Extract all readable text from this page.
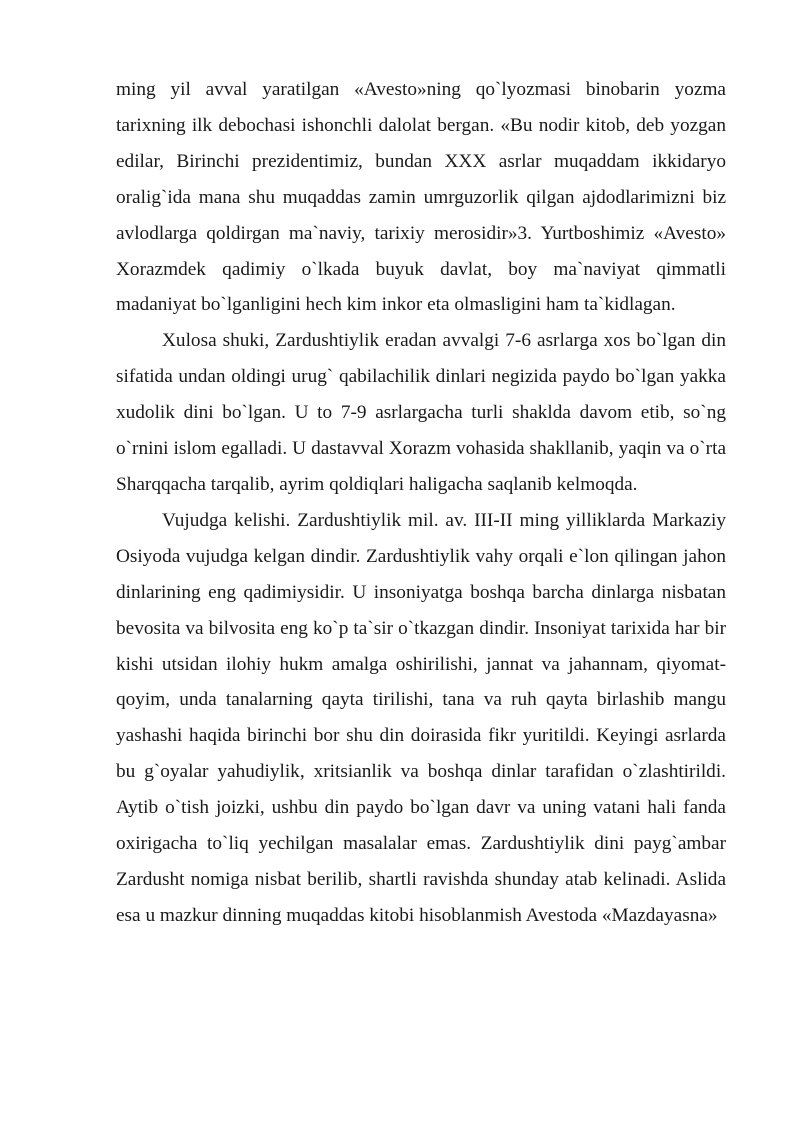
ming yil avval yaratilgan «Avesto»ning qo`lyozmasi binobarin yozma tarixning ilk debochasi ishonchli dalolat bergan. «Bu nodir kitob, deb yozgan edilar, Birinchi prezidentimiz, bundan XXX asrlar muqaddam ikkidaryo oralig`ida mana shu muqaddas zamin umrguzorlik qilgan ajdodlarimizni biz avlodlarga qoldirgan ma`naviy, tarixiy merosidir»3. Yurtboshimiz «Avesto» Xorazmdek qadimiy o`lkada buyuk davlat, boy ma`naviyat qimmatli madaniyat bo`lganligini hech kim inkor eta olmasligini ham ta`kidlagan.

Xulosa shuki, Zardushtiylik eradan avvalgi 7-6 asrlarga xos bo`lgan din sifatida undan oldingi urug` qabilachilik dinlari negizida paydo bo`lgan yakka xudolik dini bo`lgan. U to 7-9 asrlargacha turli shaklda davom etib, so`ng o`rnini islom egalladi. U dastavval Xorazm vohasida shakllanib, yaqin va o`rta Sharqqacha tarqalib, ayrim qoldiqlari haligacha saqlanib kelmoqda.

Vujudga kelishi. Zardushtiylik mil. av. III-II ming yilliklarda Markaziy Osiyoda vujudga kelgan dindir. Zardushtiylik vahy orqali e`lon qilingan jahon dinlarining eng qadimiysidir. U insoniyatga boshqa barcha dinlarga nisbatan bevosita va bilvosita eng ko`p ta`sir o`tkazgan dindir. Insoniyat tarixida har bir kishi utsidan ilohiy hukm amalga oshirilishi, jannat va jahannam, qiyomat-qoyim, unda tanalarning qayta tirilishi, tana va ruh qayta birlashib mangu yashashi haqida birinchi bor shu din doirasida fikr yuritildi. Keyingi asrlarda bu g`oyalar yahudiylik, xritsianlik va boshqa dinlar tarafidan o`zlashtirildi. Aytib o`tish joizki, ushbu din paydo bo`lgan davr va uning vatani hali fanda oxirigacha to`liq yechilgan masalalar emas. Zardushtiylik dini payg`ambar Zardusht nomiga nisbat berilib, shartli ravishda shunday atab kelinadi. Aslida esa u mazkur dinning muqaddas kitobi hisoblanmish Avestoda «Mazdayasna»
